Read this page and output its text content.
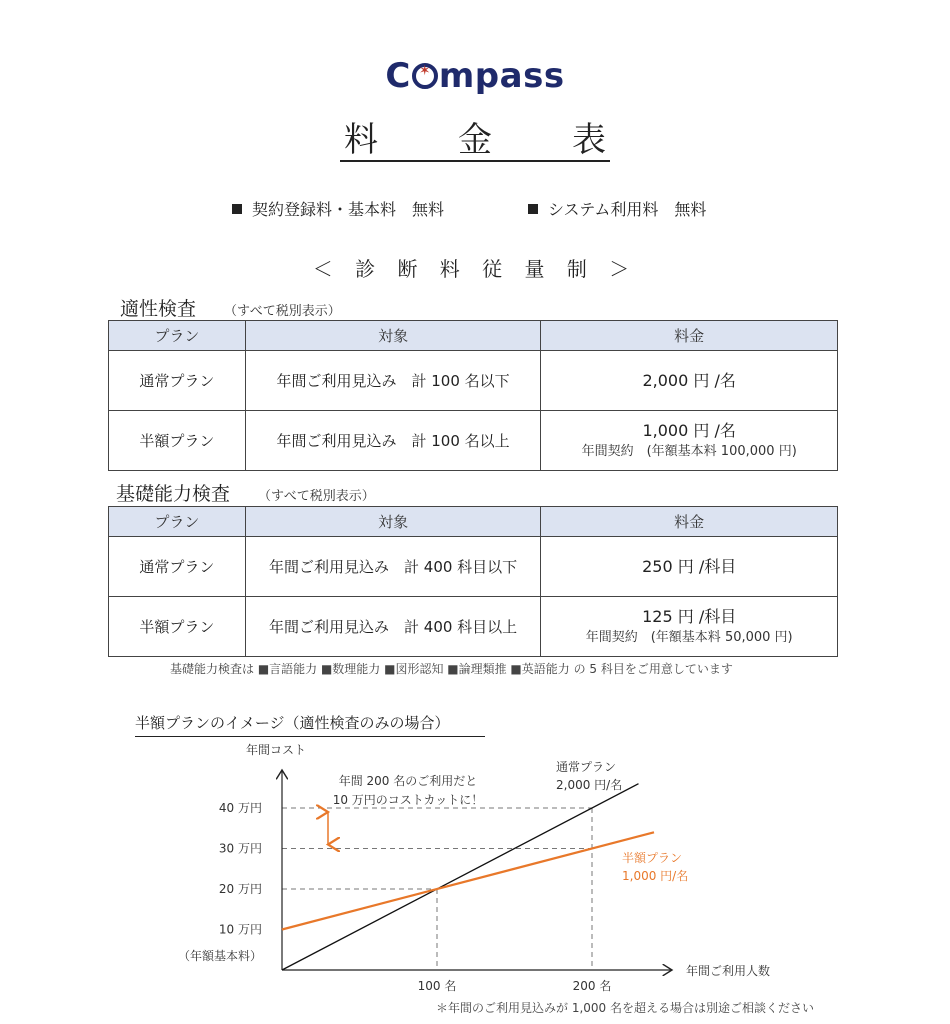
C ✶ mpass
料 金 表
契約登録料・基本料　無料	システム利用料　無料
＜ 診 断 料 従 量 制 ＞
適性検査 （すべて税別表示）
プラン	対象	料金
通常プラン	年間ご利用見込み　計 100 名以下	2,000 円 /名
半額プラン	年間ご利用見込み　計 100 名以上	1,000 円 /名
年間契約　(年額基本料 100,000 円)
基礎能力検査 （すべて税別表示）
プラン	対象	料金
通常プラン	年間ご利用見込み　計 400 科目以下	250 円 /科目
半額プラン	年間ご利用見込み　計 400 科目以上	125 円 /科目
年間契約　(年額基本料 50,000 円)
基礎能力検査は ■言語能力 ■数理能力 ■図形認知 ■論理類推 ■英語能力 の 5 科目をご用意しています
半額プランのイメージ（適性検査のみの場合）
年間コスト
年間ご利用人数
（年額基本料）
10 万円
20 万円
30 万円
40 万円
100 名	200 名
年間 200 名のご利用だと
10 万円のコストカットに！
通常プラン
2,000 円/名
半額プラン
1,000 円/名
＊年間のご利用見込みが 1,000 名を超える場合は別途ご相談ください
